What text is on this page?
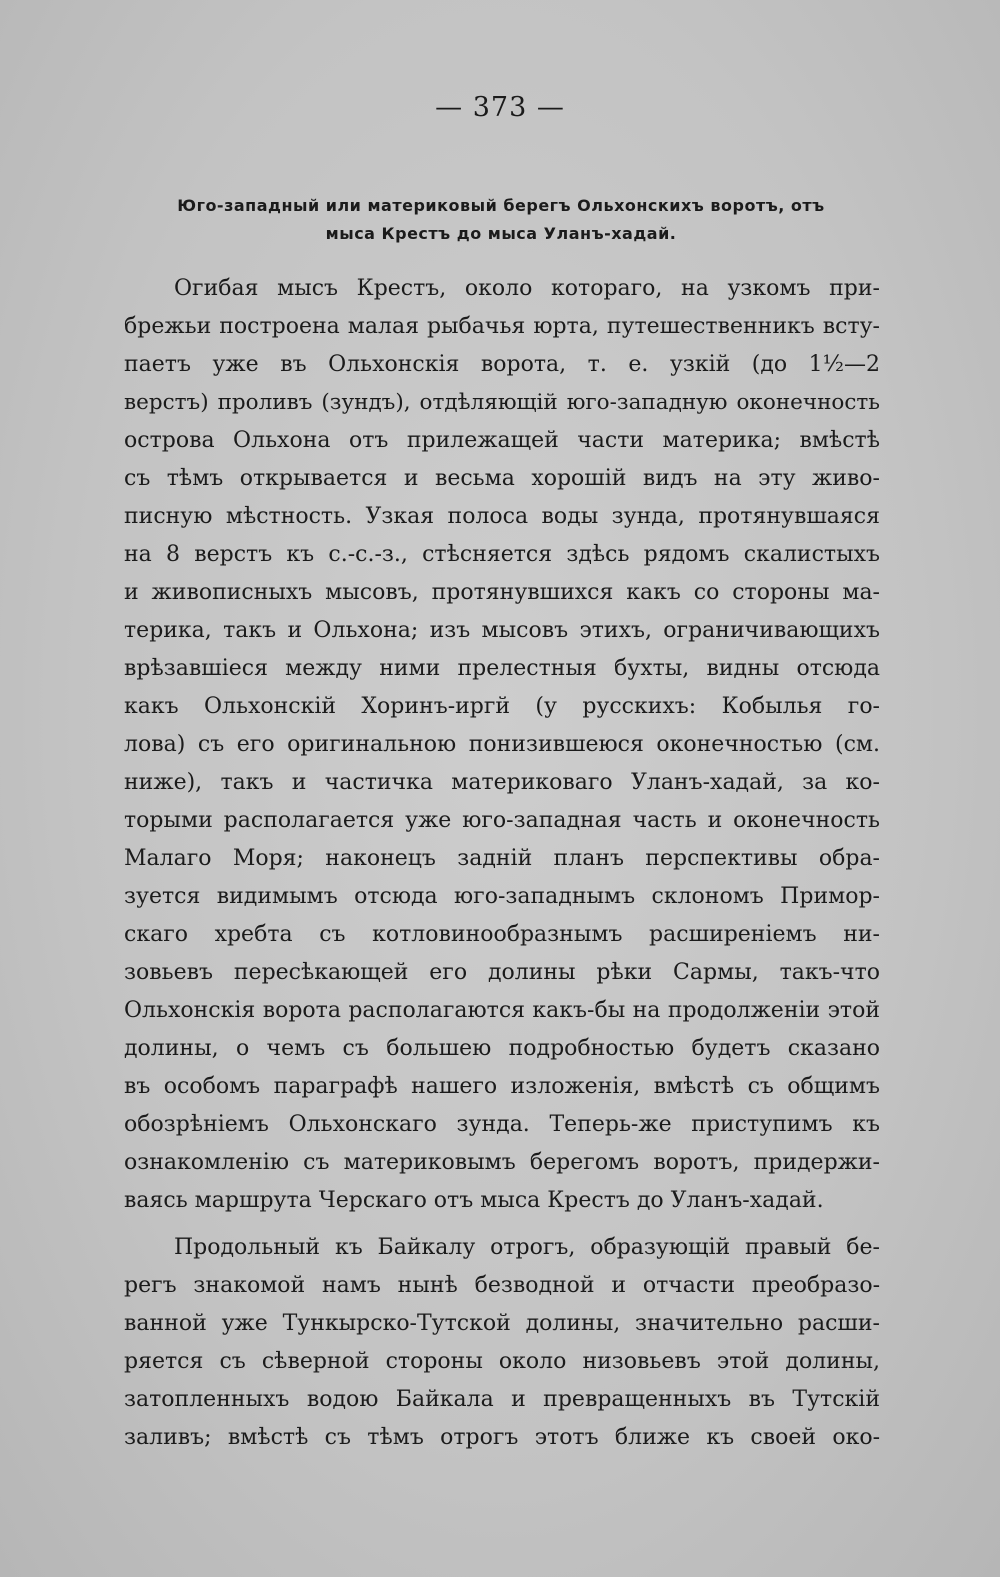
— 373 —
Юго-западный или материковый берегъ Ольхонскихъ воротъ, отъ
мыса Крестъ до мыса Уланъ-хадай.
Огибая мысъ Крестъ, около котораго, на узкомъ при-
брежьи построена малая рыбачья юрта, путешественникъ всту-
паетъ уже въ Ольхонскія ворота, т. е. узкій (до 1½—2
верстъ) проливъ (зундъ), отдѣляющій юго-западную оконечность
острова Ольхона отъ прилежащей части материка; вмѣстѣ
съ тѣмъ открывается и весьма хорошій видъ на эту живо-
писную мѣстность. Узкая полоса воды зунда, протянувшаяся
на 8 верстъ къ с.-с.-з., стѣсняется здѣсь рядомъ скалистыхъ
и живописныхъ мысовъ, протянувшихся какъ со стороны ма-
терика, такъ и Ольхона; изъ мысовъ этихъ, ограничивающихъ
врѣзавшіеся между ними прелестныя бухты, видны отсюда
какъ Ольхонскій Хоринъ-иргй (у русскихъ: Кобылья го-
лова) съ его оригинальною понизившеюся оконечностью (см.
ниже), такъ и частичка материковаго Уланъ-хадай, за ко-
торыми располагается уже юго-западная часть и оконечность
Малаго Моря; наконецъ заднiй планъ перспективы обра-
зуется видимымъ отсюда юго-западнымъ склономъ Примор-
скаго хребта съ котловинообразнымъ расширеніемъ ни-
зовьевъ пересѣкающей его долины рѣки Сармы, такъ-что
Ольхонскія ворота располагаются какъ-бы на продолженіи этой
долины, о чемъ съ большею подробностью будетъ сказано
въ особомъ параграфѣ нашего изложенія, вмѣстѣ съ общимъ
обозрѣніемъ Ольхонскаго зунда. Теперь-же приступимъ къ
ознакомленію съ материковымъ берегомъ воротъ, придержи-
ваясь маршрута Черскаго отъ мыса Крестъ до Уланъ-хадай.
Продольный къ Байкалу отрогъ, образующій правый бе-
регъ знакомой намъ нынѣ безводной и отчасти преобразо-
ванной уже Тункырско-Тутской долины, значительно расши-
ряется съ сѣверной стороны около низовьевъ этой долины,
затопленныхъ водою Байкала и превращенныхъ въ Тутскій
заливъ; вмѣстѣ съ тѣмъ отрогъ этотъ ближе къ своей око-
